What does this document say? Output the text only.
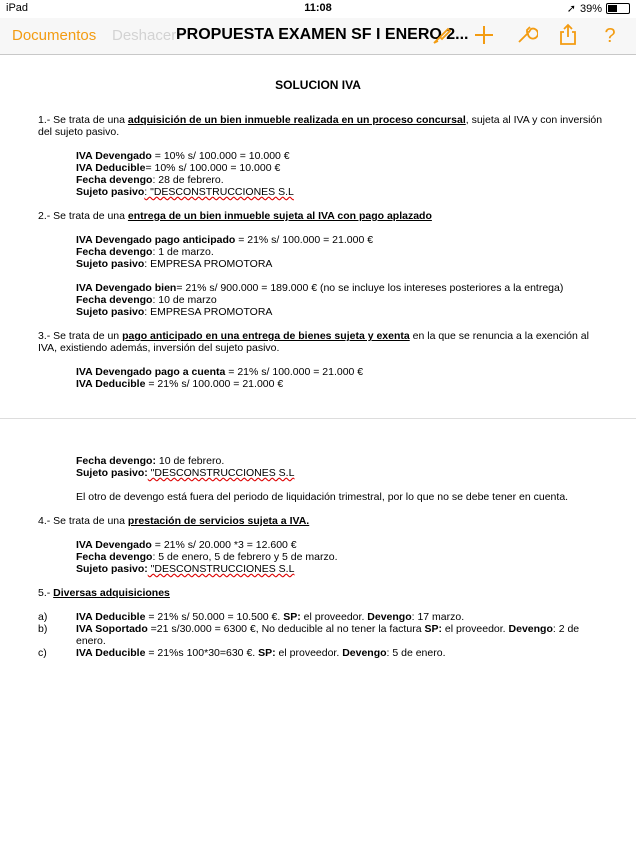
iPad	11:08	➚ 39%
Documentos Deshacer PROPUESTA EXAMEN SF I ENERO 2...	?
SOLUCION IVA

1.- Se trata de una adquisición de un bien inmueble realizada en un proceso concursal, sujeta al IVA y con inversión del sujeto pasivo.

IVA Devengado = 10% s/ 100.000 = 10.000 €

IVA Deducible= 10% s/ 100.000 = 10.000 €

Fecha devengo: 28 de febrero.

Sujeto pasivo: "DESCONSTRUCCIONES S.L

2.- Se trata de una entrega de un bien inmueble sujeta al IVA con pago aplazado

IVA Devengado pago anticipado = 21% s/ 100.000 = 21.000 €

Fecha devengo: 1 de marzo.

Sujeto pasivo: EMPRESA PROMOTORA

IVA Devengado bien= 21% s/ 900.000 = 189.000 € (no se incluye los intereses posteriores a la entrega)

Fecha devengo: 10 de marzo

Sujeto pasivo: EMPRESA PROMOTORA

3.- Se trata de un pago anticipado en una entrega de bienes sujeta y exenta en la que se renuncia a la exención al IVA, existiendo además, inversión del sujeto pasivo.

IVA Devengado pago a cuenta = 21% s/ 100.000 = 21.000 €

IVA Deducible = 21% s/ 100.000 = 21.000 €

Fecha devengo: 10 de febrero.

Sujeto pasivo: "DESCONSTRUCCIONES S.L

El otro de devengo está fuera del periodo de liquidación trimestral, por lo que no se debe tener en cuenta.

4.- Se trata de una prestación de servicios sujeta a IVA.

IVA Devengado = 21% s/ 20.000 *3 = 12.600 €

Fecha devengo: 5 de enero, 5 de febrero y 5 de marzo.

Sujeto pasivo: "DESCONSTRUCCIONES S.L

5.- Diversas adquisiciones

a)	IVA Deducible = 21% s/ 50.000 = 10.500 €. SP: el proveedor. Devengo: 17 marzo.
b)	IVA Soportado =21 s/30.000 = 6300 €, No deducible al no tener la factura SP: el proveedor. Devengo: 2 de enero.
c)	IVA Deducible = 21%s 100*30=630 €. SP: el proveedor. Devengo: 5 de enero.
